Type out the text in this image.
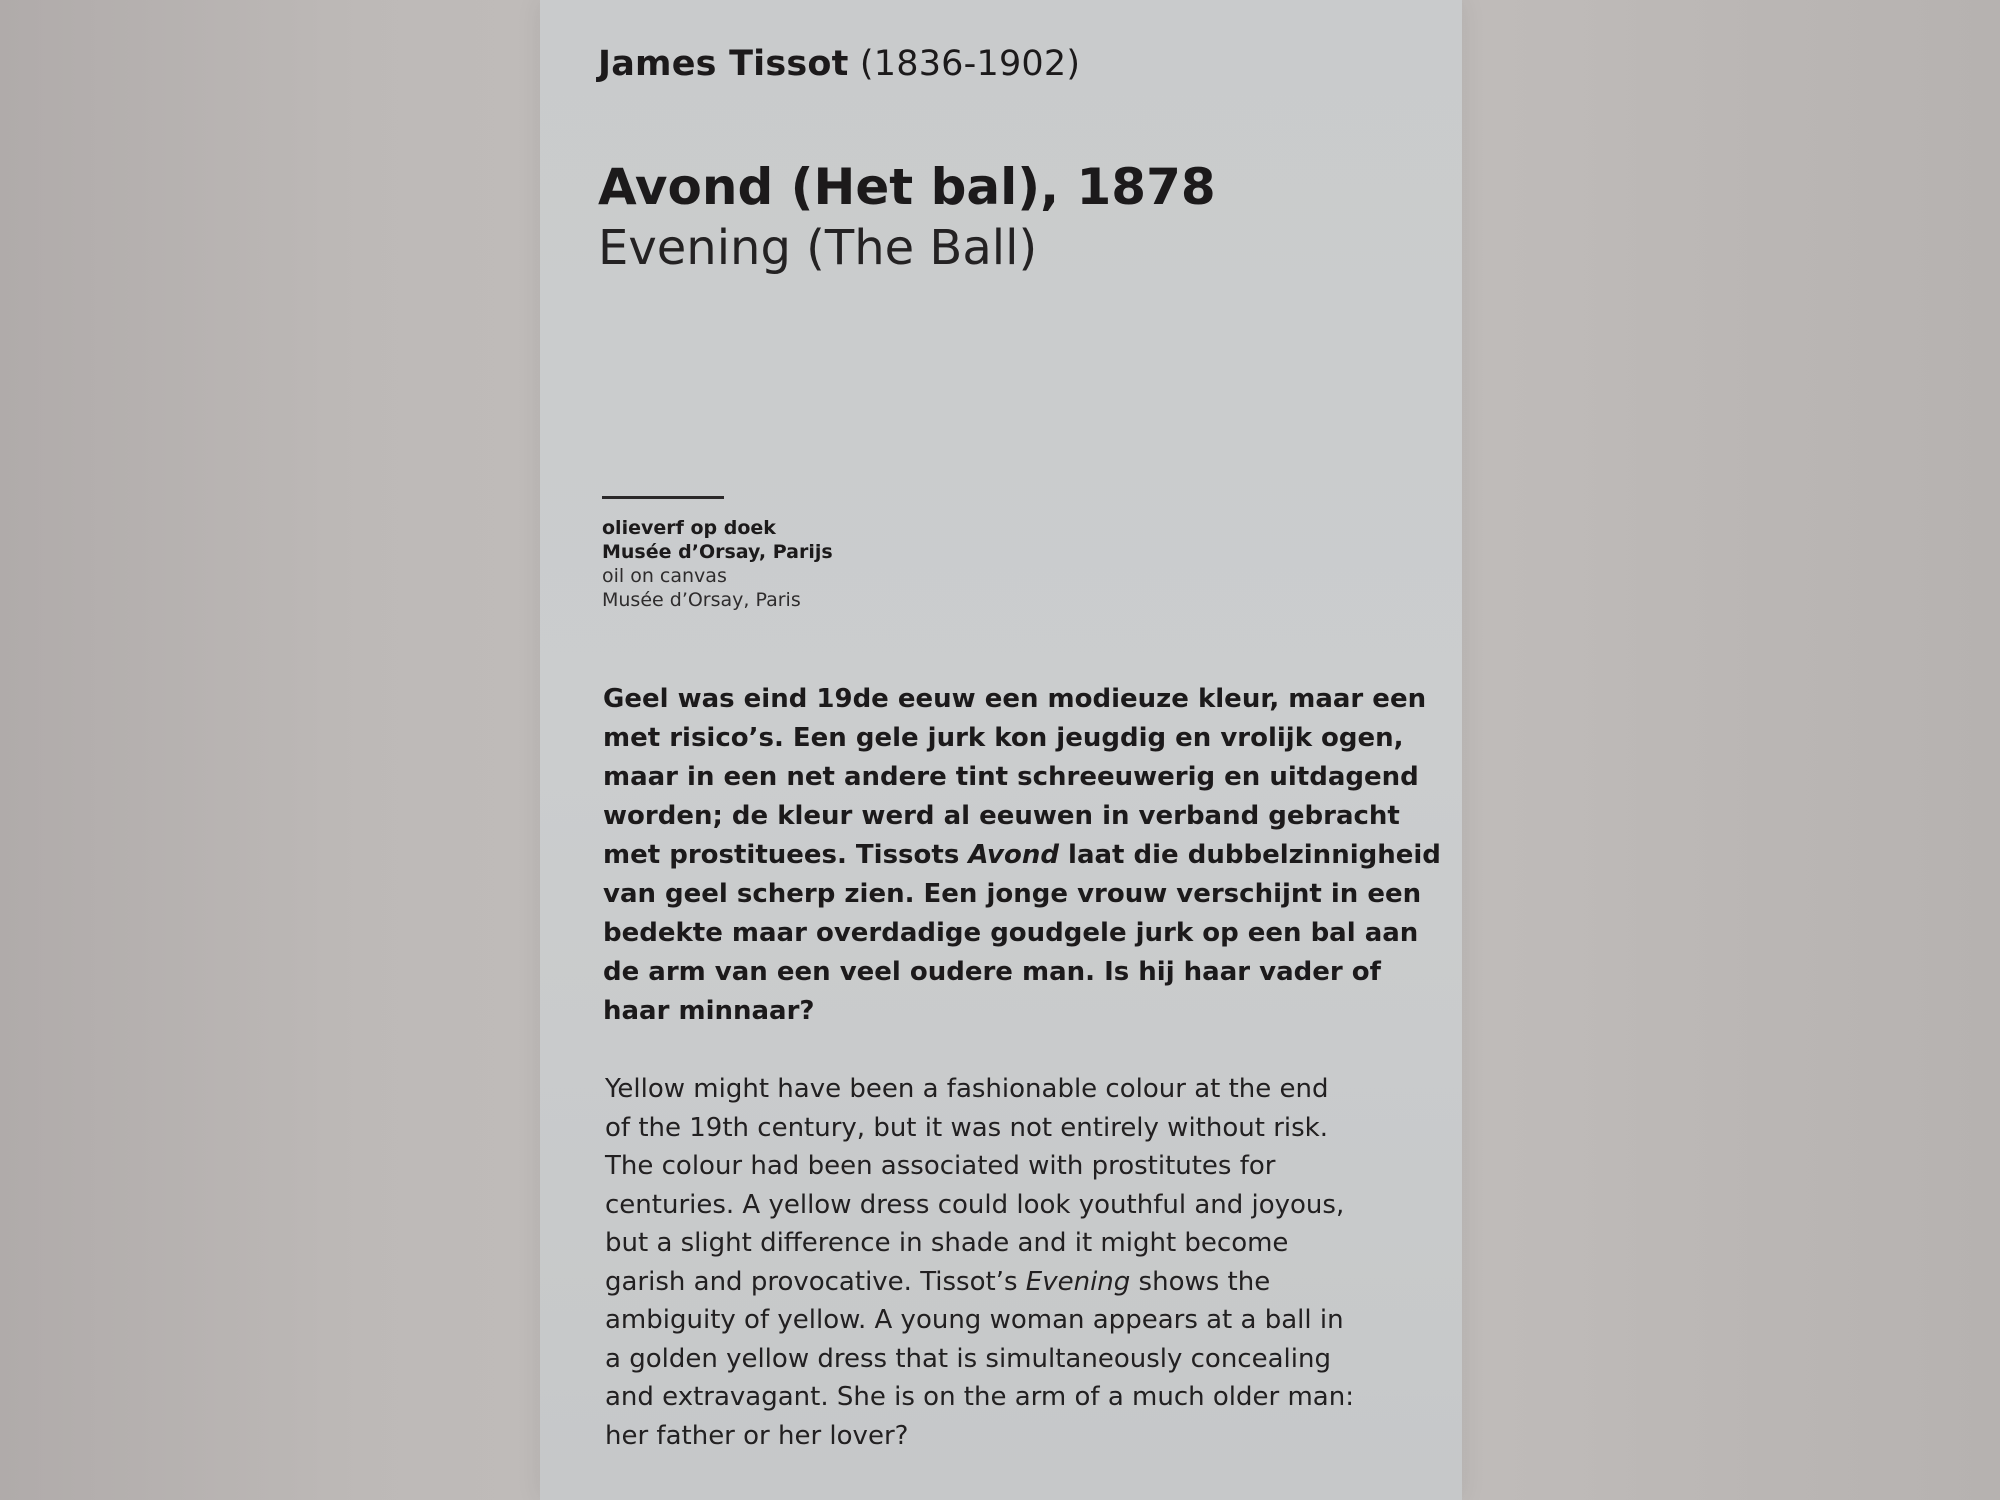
James Tissot (1836-1902)
Avond (Het bal), 1878
Evening (The Ball)
olieverf op doek
Musée d’Orsay, Parijs
oil on canvas
Musée d’Orsay, Paris
Geel was eind 19de eeuw een modieuze kleur, maar een
met risico’s. Een gele jurk kon jeugdig en vrolijk ogen,
maar in een net andere tint schreeuwerig en uitdagend
worden; de kleur werd al eeuwen in verband gebracht
met prostituees. Tissots Avond laat die dubbelzinnigheid
van geel scherp zien. Een jonge vrouw verschijnt in een
bedekte maar overdadige goudgele jurk op een bal aan
de arm van een veel oudere man. Is hij haar vader of
haar minnaar?
Yellow might have been a fashionable colour at the end
of the 19th century, but it was not entirely without risk.
The colour had been associated with prostitutes for
centuries. A yellow dress could look youthful and joyous,
but a slight difference in shade and it might become
garish and provocative. Tissot’s Evening shows the
ambiguity of yellow. A young woman appears at a ball in
a golden yellow dress that is simultaneously concealing
and extravagant. She is on the arm of a much older man:
her father or her lover?
